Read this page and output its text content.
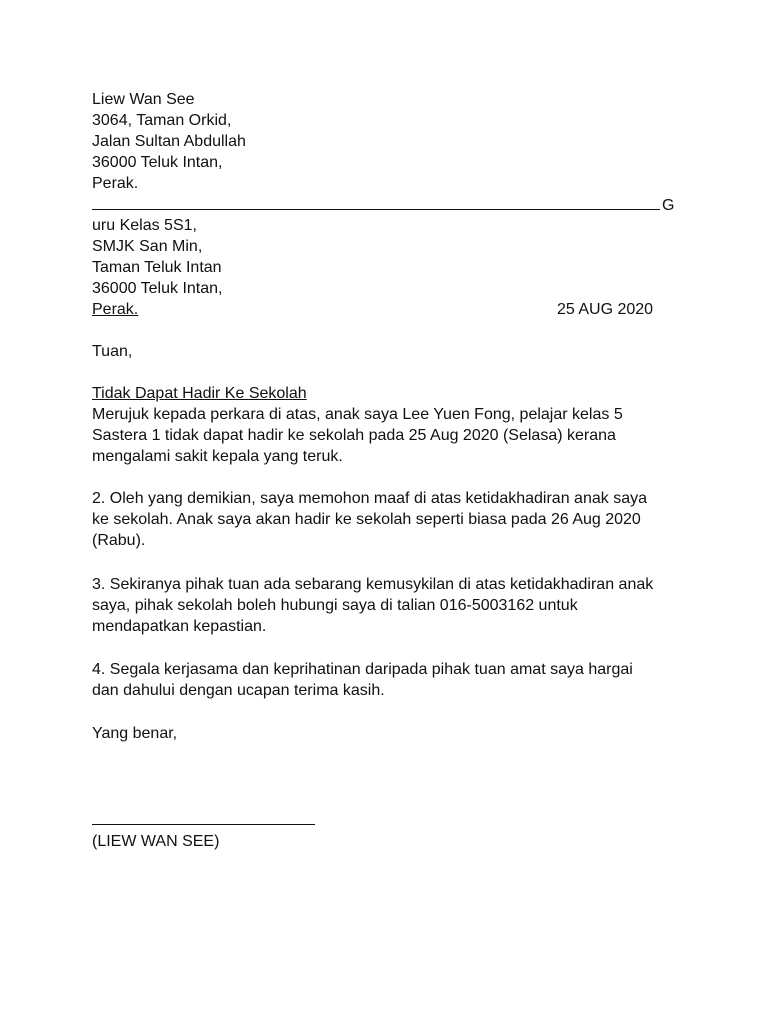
Liew Wan See
3064, Taman Orkid,
Jalan Sultan Abdullah
36000 Teluk Intan,
Perak.
G
uru Kelas 5S1,
SMJK San Min,
Taman Teluk Intan
36000 Teluk Intan,
Perak.	25 AUG 2020
Tuan,
Tidak Dapat Hadir Ke Sekolah
Merujuk kepada perkara di atas, anak saya Lee Yuen Fong, pelajar kelas 5
Sastera 1 tidak dapat hadir ke sekolah pada 25 Aug 2020 (Selasa) kerana
mengalami sakit kepala yang teruk.
2. Oleh yang demikian, saya memohon maaf di atas ketidakhadiran anak saya
ke sekolah. Anak saya akan hadir ke sekolah seperti biasa pada 26 Aug 2020
(Rabu).
3. Sekiranya pihak tuan ada sebarang kemusykilan di atas ketidakhadiran anak
saya, pihak sekolah boleh hubungi saya di talian 016-5003162 untuk
mendapatkan kepastian.
4. Segala kerjasama dan keprihatinan daripada pihak tuan amat saya hargai
dan dahului dengan ucapan terima kasih.
Yang benar,
(LIEW WAN SEE)
